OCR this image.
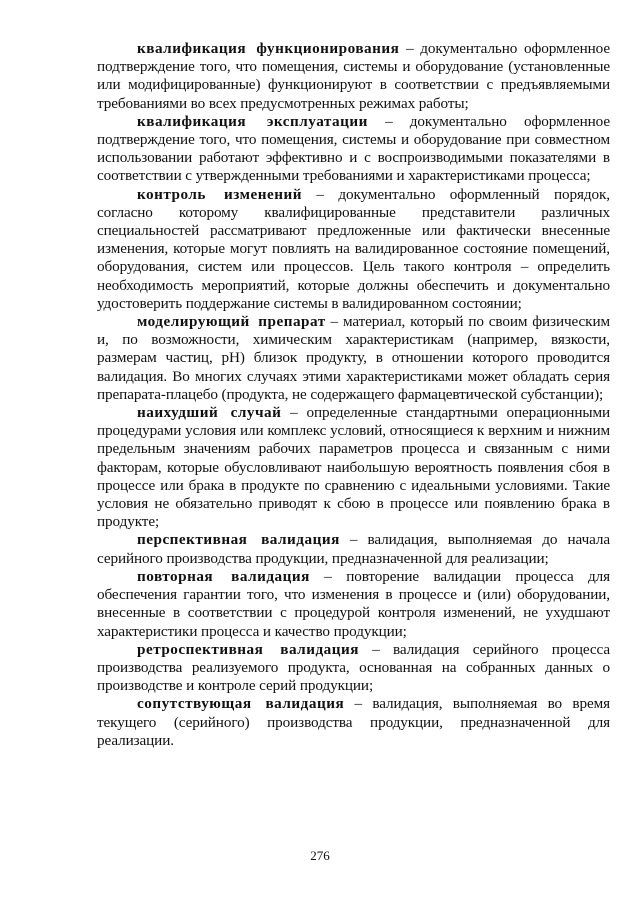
квалификация функционирования – документально оформленное подтверждение того, что помещения, системы и оборудование (установленные или модифицированные) функционируют в соответствии с предъявляемыми требованиями во всех предусмотренных режимах работы;

квалификация эксплуатации – документально оформленное подтверждение того, что помещения, системы и оборудование при совместном использовании работают эффективно и с воспроизводимыми показателями в соответствии с утвержденными требованиями и характеристиками процесса;

контроль изменений – документально оформленный порядок, согласно которому квалифицированные представители различных специальностей рассматривают предложенные или фактически внесенные изменения, которые могут повлиять на валидированное состояние помещений, оборудования, систем или процессов. Цель такого контроля – определить необходимость мероприятий, которые должны обеспечить и документально удостоверить поддержание системы в валидированном состоянии;

моделирующий препарат – материал, который по своим физическим и, по возможности, химическим характеристикам (например, вязкости, размерам частиц, pH) близок продукту, в отношении которого проводится валидация. Во многих случаях этими характеристиками может обладать серия препарата-плацебо (продукта, не содержащего фармацевтической субстанции);

наихудший случай – определенные стандартными операционными процедурами условия или комплекс условий, относящиеся к верхним и нижним предельным значениям рабочих параметров процесса и связанным с ними факторам, которые обусловливают наибольшую вероятность появления сбоя в процессе или брака в продукте по сравнению с идеальными условиями. Такие условия не обязательно приводят к сбою в процессе или появлению брака в продукте;

перспективная валидация – валидация, выполняемая до начала серийного производства продукции, предназначенной для реализации;

повторная валидация – повторение валидации процесса для обеспечения гарантии того, что изменения в процессе и (или) оборудовании, внесенные в соответствии с процедурой контроля изменений, не ухудшают характеристики процесса и качество продукции;

ретроспективная валидация – валидация серийного процесса производства реализуемого продукта, основанная на собранных данных о производстве и контроле серий продукции;

сопутствующая валидация – валидация, выполняемая во время текущего (серийного) производства продукции, предназначенной для реализации.

276
